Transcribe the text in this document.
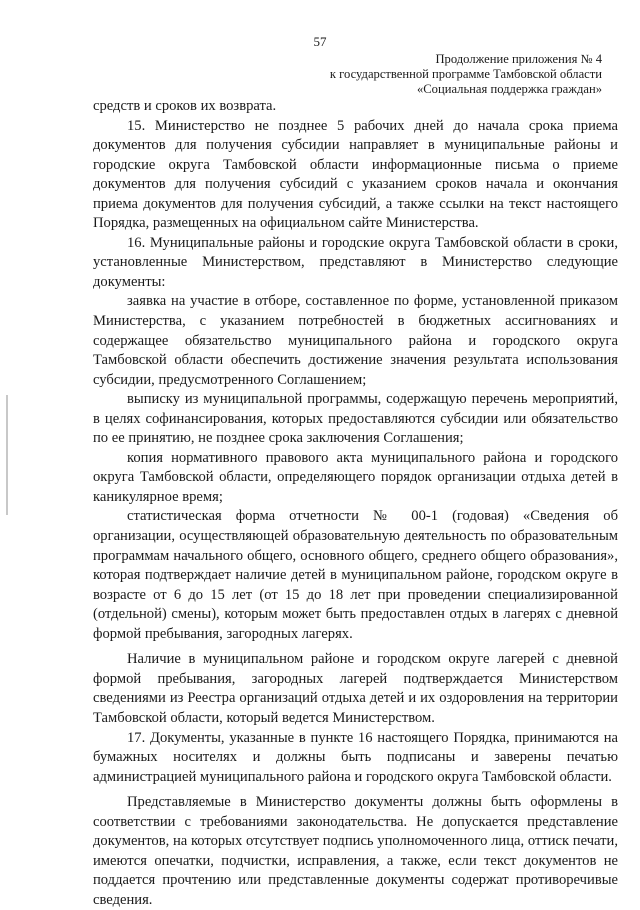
57
Продолжение приложения № 4
к государственной программе Тамбовской области
«Социальная поддержка граждан»

средств и сроков их возврата.

15. Министерство не позднее 5 рабочих дней до начала срока приема документов для получения субсидии направляет в муниципальные районы и городские округа Тамбовской области информационные письма о приеме документов для получения субсидий с указанием сроков начала и окончания приема документов для получения субсидий, а также ссылки на текст настоящего Порядка, размещенных на официальном сайте Министерства.

16. Муниципальные районы и городские округа Тамбовской области в сроки, установленные Министерством, представляют в Министерство следующие документы:

заявка на участие в отборе, составленное по форме, установленной приказом Министерства, с указанием потребностей в бюджетных ассигнованиях и содержащее обязательство муниципального района и городского округа Тамбовской области обеспечить достижение значения результата использования субсидии, предусмотренного Соглашением;

выписку из муниципальной программы, содержащую перечень мероприятий, в целях софинансирования, которых предоставляются субсидии или обязательство по ее принятию, не позднее срока заключения Соглашения;

копия нормативного правового акта муниципального района и городского округа Тамбовской области, определяющего порядок организации отдыха детей в каникулярное время;

статистическая форма отчетности № 00-1 (годовая) «Сведения об организации, осуществляющей образовательную деятельность по образовательным программам начального общего, основного общего, среднего общего образования», которая подтверждает наличие детей в муниципальном районе, городском округе в возрасте от 6 до 15 лет (от 15 до 18 лет при проведении специализированной (отдельной) смены), которым может быть предоставлен отдых в лагерях с дневной формой пребывания, загородных лагерях.

Наличие в муниципальном районе и городском округе лагерей с дневной формой пребывания, загородных лагерей подтверждается Министерством сведениями из Реестра организаций отдыха детей и их оздоровления на территории Тамбовской области, который ведется Министерством.

17. Документы, указанные в пункте 16 настоящего Порядка, принимаются на бумажных носителях и должны быть подписаны и заверены печатью администрацией муниципального района и городского округа Тамбовской области.

Представляемые в Министерство документы должны быть оформлены в соответствии с требованиями законодательства. Не допускается представление документов, на которых отсутствует подпись уполномоченного лица, оттиск печати, имеются опечатки, подчистки, исправления, а также, если текст документов не поддается прочтению или представленные документы содержат противоречивые сведения.
